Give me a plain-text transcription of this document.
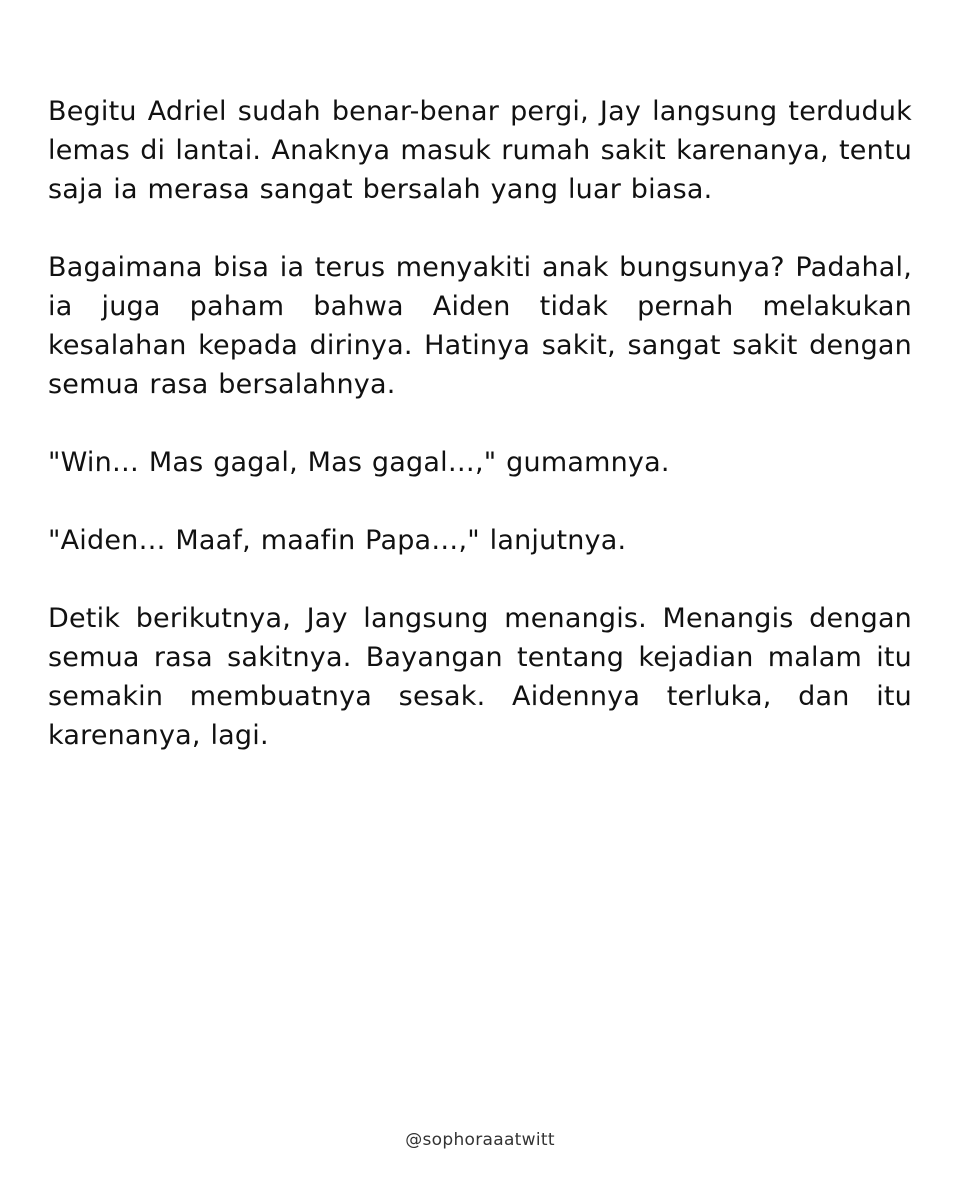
Begitu Adriel sudah benar-benar pergi, Jay langsung terduduk lemas di lantai. Anaknya masuk rumah sakit karenanya, tentu saja ia merasa sangat bersalah yang luar biasa.

Bagaimana bisa ia terus menyakiti anak bungsunya? Padahal, ia juga paham bahwa Aiden tidak pernah melakukan kesalahan kepada dirinya. Hatinya sakit, sangat sakit dengan semua rasa bersalahnya.

"Win… Mas gagal, Mas gagal…," gumamnya.

"Aiden… Maaf, maafin Papa…," lanjutnya.

Detik berikutnya, Jay langsung menangis. Menangis dengan semua rasa sakitnya. Bayangan tentang kejadian malam itu semakin membuatnya sesak. Aidennya terluka, dan itu karenanya, lagi.

@sophoraaatwitt
